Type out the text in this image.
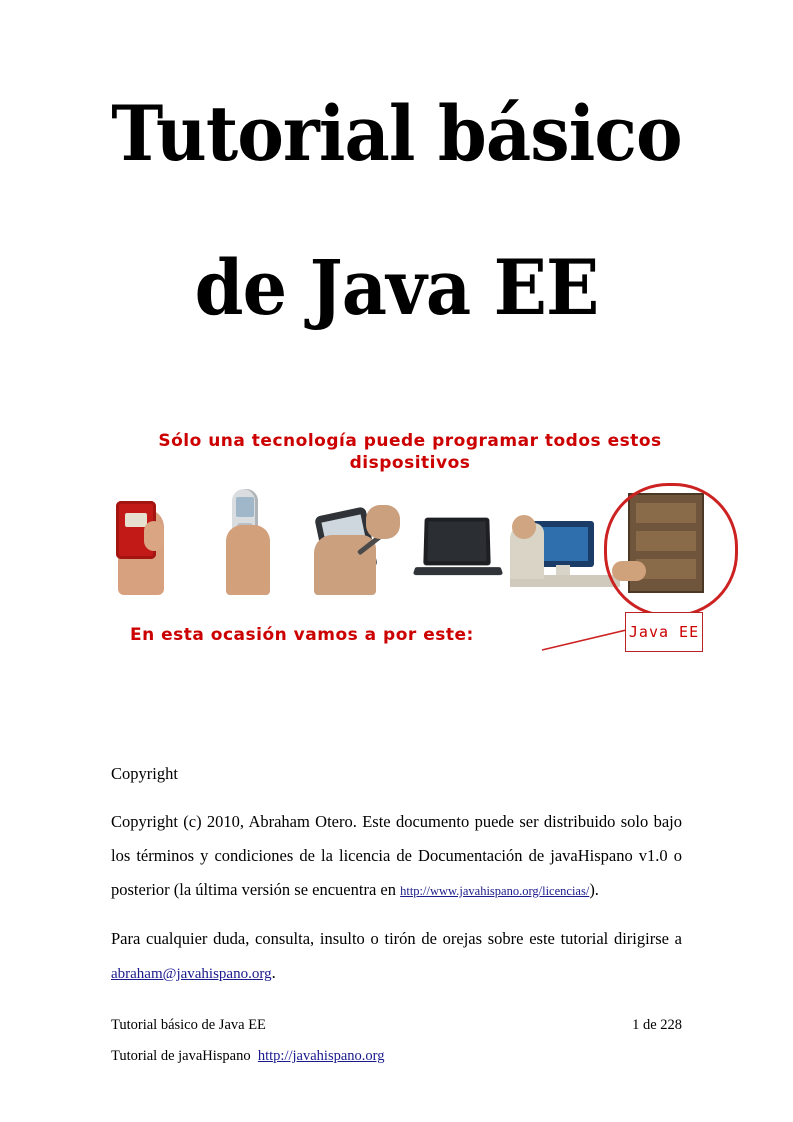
Tutorial básico
de Java EE
Sólo una tecnología puede programar todos estos dispositivos
En esta ocasión vamos a por este:	Java EE

Copyright

Copyright (c) 2010, Abraham Otero. Este documento puede ser distribuido solo bajo los términos y condiciones de la licencia de Documentación de javaHispano v1.0 o posterior (la última versión se encuentra en http://www.javahispano.org/licencias/).

Para cualquier duda, consulta, insulto o tirón de orejas sobre este tutorial dirigirse a abraham@javahispano.org.

Tutorial básico de Java EE	1 de 228
Tutorial de javaHispano http://javahispano.org
